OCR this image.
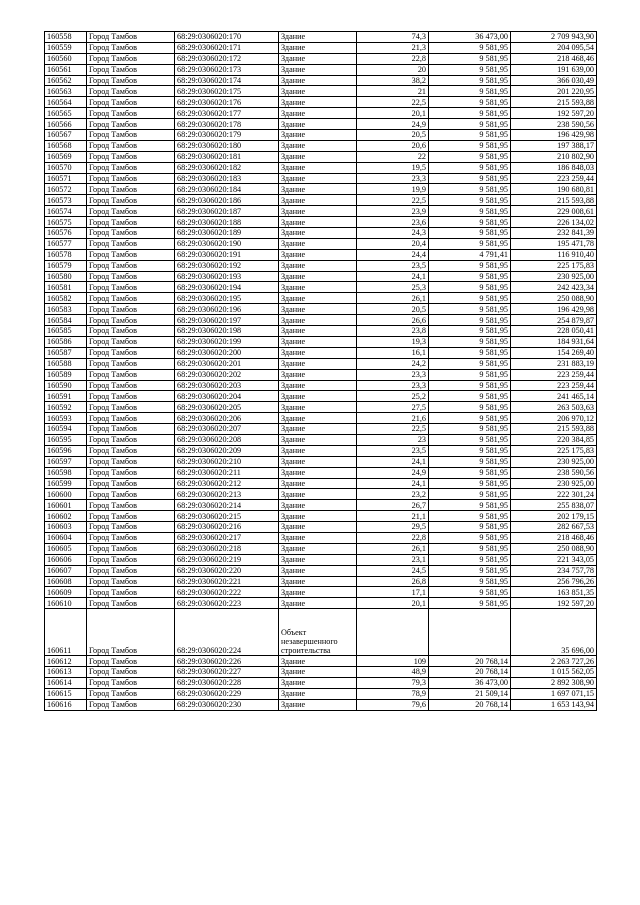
160558	Город Тамбов	68:29:0306020:170	Здание	74,3	36 473,00	2 709 943,90
160559	Город Тамбов	68:29:0306020:171	Здание	21,3	9 581,95	204 095,54
160560	Город Тамбов	68:29:0306020:172	Здание	22,8	9 581,95	218 468,46
160561	Город Тамбов	68:29:0306020:173	Здание	20	9 581,95	191 639,00
160562	Город Тамбов	68:29:0306020:174	Здание	38,2	9 581,95	366 030,49
160563	Город Тамбов	68:29:0306020:175	Здание	21	9 581,95	201 220,95
160564	Город Тамбов	68:29:0306020:176	Здание	22,5	9 581,95	215 593,88
160565	Город Тамбов	68:29:0306020:177	Здание	20,1	9 581,95	192 597,20
160566	Город Тамбов	68:29:0306020:178	Здание	24,9	9 581,95	238 590,56
160567	Город Тамбов	68:29:0306020:179	Здание	20,5	9 581,95	196 429,98
160568	Город Тамбов	68:29:0306020:180	Здание	20,6	9 581,95	197 388,17
160569	Город Тамбов	68:29:0306020:181	Здание	22	9 581,95	210 802,90
160570	Город Тамбов	68:29:0306020:182	Здание	19,5	9 581,95	186 848,03
160571	Город Тамбов	68:29:0306020:183	Здание	23,3	9 581,95	223 259,44
160572	Город Тамбов	68:29:0306020:184	Здание	19,9	9 581,95	190 680,81
160573	Город Тамбов	68:29:0306020:186	Здание	22,5	9 581,95	215 593,88
160574	Город Тамбов	68:29:0306020:187	Здание	23,9	9 581,95	229 008,61
160575	Город Тамбов	68:29:0306020:188	Здание	23,6	9 581,95	226 134,02
160576	Город Тамбов	68:29:0306020:189	Здание	24,3	9 581,95	232 841,39
160577	Город Тамбов	68:29:0306020:190	Здание	20,4	9 581,95	195 471,78
160578	Город Тамбов	68:29:0306020:191	Здание	24,4	4 791,41	116 910,40
160579	Город Тамбов	68:29:0306020:192	Здание	23,5	9 581,95	225 175,83
160580	Город Тамбов	68:29:0306020:193	Здание	24,1	9 581,95	230 925,00
160581	Город Тамбов	68:29:0306020:194	Здание	25,3	9 581,95	242 423,34
160582	Город Тамбов	68:29:0306020:195	Здание	26,1	9 581,95	250 088,90
160583	Город Тамбов	68:29:0306020:196	Здание	20,5	9 581,95	196 429,98
160584	Город Тамбов	68:29:0306020:197	Здание	26,6	9 581,95	254 879,87
160585	Город Тамбов	68:29:0306020:198	Здание	23,8	9 581,95	228 050,41
160586	Город Тамбов	68:29:0306020:199	Здание	19,3	9 581,95	184 931,64
160587	Город Тамбов	68:29:0306020:200	Здание	16,1	9 581,95	154 269,40
160588	Город Тамбов	68:29:0306020:201	Здание	24,2	9 581,95	231 883,19
160589	Город Тамбов	68:29:0306020:202	Здание	23,3	9 581,95	223 259,44
160590	Город Тамбов	68:29:0306020:203	Здание	23,3	9 581,95	223 259,44
160591	Город Тамбов	68:29:0306020:204	Здание	25,2	9 581,95	241 465,14
160592	Город Тамбов	68:29:0306020:205	Здание	27,5	9 581,95	263 503,63
160593	Город Тамбов	68:29:0306020:206	Здание	21,6	9 581,95	206 970,12
160594	Город Тамбов	68:29:0306020:207	Здание	22,5	9 581,95	215 593,88
160595	Город Тамбов	68:29:0306020:208	Здание	23	9 581,95	220 384,85
160596	Город Тамбов	68:29:0306020:209	Здание	23,5	9 581,95	225 175,83
160597	Город Тамбов	68:29:0306020:210	Здание	24,1	9 581,95	230 925,00
160598	Город Тамбов	68:29:0306020:211	Здание	24,9	9 581,95	238 590,56
160599	Город Тамбов	68:29:0306020:212	Здание	24,1	9 581,95	230 925,00
160600	Город Тамбов	68:29:0306020:213	Здание	23,2	9 581,95	222 301,24
160601	Город Тамбов	68:29:0306020:214	Здание	26,7	9 581,95	255 838,07
160602	Город Тамбов	68:29:0306020:215	Здание	21,1	9 581,95	202 179,15
160603	Город Тамбов	68:29:0306020:216	Здание	29,5	9 581,95	282 667,53
160604	Город Тамбов	68:29:0306020:217	Здание	22,8	9 581,95	218 468,46
160605	Город Тамбов	68:29:0306020:218	Здание	26,1	9 581,95	250 088,90
160606	Город Тамбов	68:29:0306020:219	Здание	23,1	9 581,95	221 343,05
160607	Город Тамбов	68:29:0306020:220	Здание	24,5	9 581,95	234 757,78
160608	Город Тамбов	68:29:0306020:221	Здание	26,8	9 581,95	256 796,26
160609	Город Тамбов	68:29:0306020:222	Здание	17,1	9 581,95	163 851,35
160610	Город Тамбов	68:29:0306020:223	Здание	20,1	9 581,95	192 597,20
160611	Город Тамбов	68:29:0306020:224	Объект незавершенного строительства			35 696,00
160612	Город Тамбов	68:29:0306020:226	Здание	109	20 768,14	2 263 727,26
160613	Город Тамбов	68:29:0306020:227	Здание	48,9	20 768,14	1 015 562,05
160614	Город Тамбов	68:29:0306020:228	Здание	79,3	36 473,00	2 892 308,90
160615	Город Тамбов	68:29:0306020:229	Здание	78,9	21 509,14	1 697 071,15
160616	Город Тамбов	68:29:0306020:230	Здание	79,6	20 768,14	1 653 143,94
